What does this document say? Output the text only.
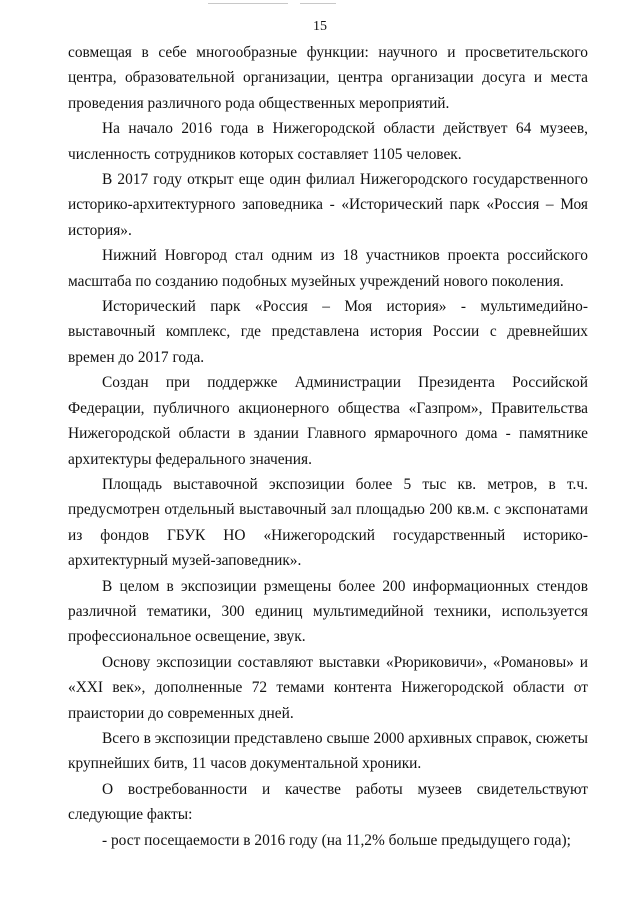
15

совмещая в себе многообразные функции: научного и просветительского центра, образовательной организации, центра организации досуга и места проведения различного рода общественных мероприятий.

На начало 2016 года в Нижегородской области действует 64 музеев, численность сотрудников которых составляет 1105 человек.

В 2017 году открыт еще один филиал Нижегородского государственного историко-архитектурного заповедника - «Исторический парк «Россия – Моя история».

Нижний Новгород стал одним из 18 участников проекта российского масштаба по созданию подобных музейных учреждений нового поколения.

Исторический парк «Россия – Моя история» - мультимедийно-выставочный комплекс, где представлена история России с древнейших времен до 2017 года.

Создан при поддержке Администрации Президента Российской Федерации, публичного акционерного общества «Газпром», Правительства Нижегородской области в здании Главного ярмарочного дома - памятнике архитектуры федерального значения.

Площадь выставочной экспозиции более 5 тыс кв. метров, в т.ч. предусмотрен отдельный выставочный зал площадью 200 кв.м. с экспонатами из фондов ГБУК НО «Нижегородский государственный историко-архитектурный музей-заповедник».

В целом в экспозиции рзмещены более 200 информационных стендов различной тематики, 300 единиц мультимедийной техники, используется профессиональное освещение, звук.

Основу экспозиции составляют выставки «Рюриковичи», «Романовы» и «XXI век», дополненные 72 темами контента Нижегородской области от праистории до современных дней.

Всего в экспозиции представлено свыше 2000 архивных справок, сюжеты крупнейших битв, 11 часов документальной хроники.

О востребованности и качестве работы музеев свидетельствуют следующие факты:

- рост посещаемости в 2016 году (на 11,2% больше предыдущего года);
